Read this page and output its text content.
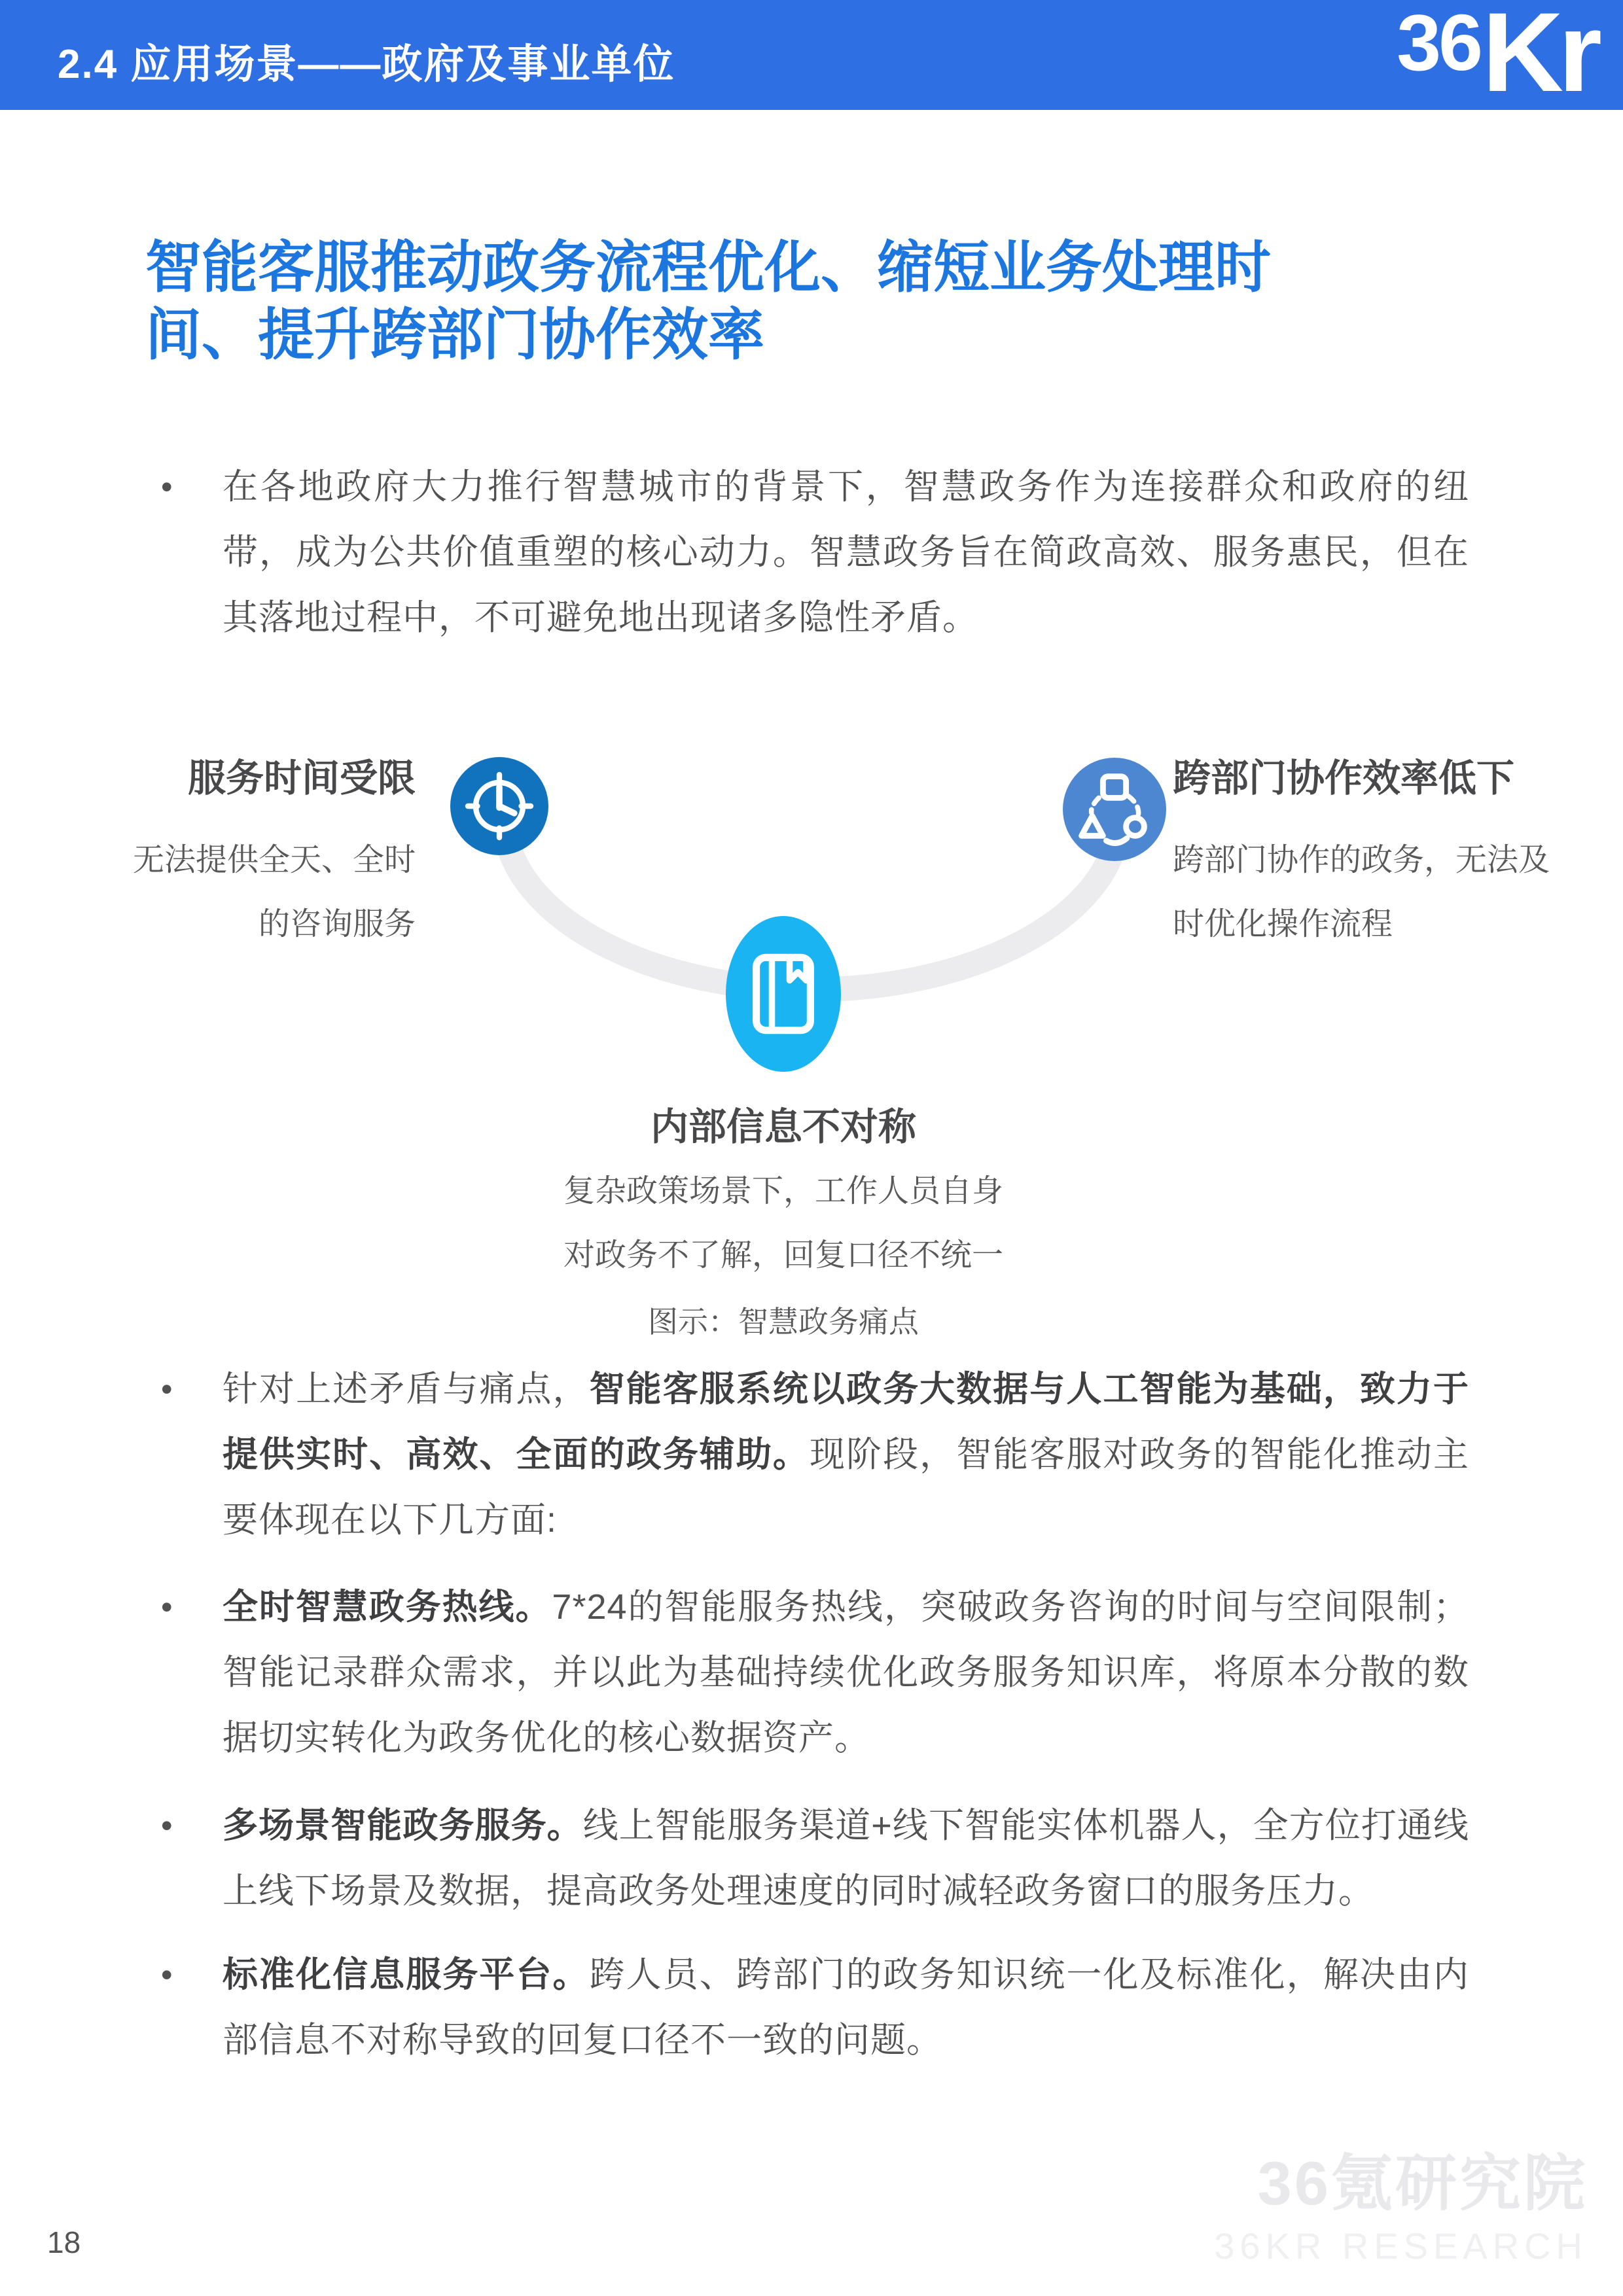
2.4 应用场景——政府及事业单位	36 Kr
智能客服推动政务流程优化、缩短业务处理时
间、提升跨部门协作效率
•	在各地政府大力推行智慧城市的背景下，智慧政务作为连接群众和政府的纽带，成为公共价值重塑的核心动力。智慧政务旨在简政高效、服务惠民，但在其落地过程中，不可避免地出现诸多隐性矛盾。
服务时间受限
无法提供全天、全时
的咨询服务
跨部门协作效率低下
跨部门协作的政务，无法及
时优化操作流程
内部信息不对称
复杂政策场景下，工作人员自身
对政务不了解，回复口径不统一
图示：智慧政务痛点
•	针对上述矛盾与痛点，智能客服系统以政务大数据与人工智能为基础，致力于提供实时、高效、全面的政务辅助。现阶段，智能客服对政务的智能化推动主要体现在以下几方面:
•	全时智慧政务热线。7*24的智能服务热线，突破政务咨询的时间与空间限制；智能记录群众需求，并以此为基础持续优化政务服务知识库，将原本分散的数据切实转化为政务优化的核心数据资产。
•	多场景智能政务服务。线上智能服务渠道+线下智能实体机器人，全方位打通线上线下场景及数据，提高政务处理速度的同时减轻政务窗口的服务压力。
•	标准化信息服务平台。跨人员、跨部门的政务知识统一化及标准化，解决由内部信息不对称导致的回复口径不一致的问题。
18
36氪研究院
36KR RESEARCH
